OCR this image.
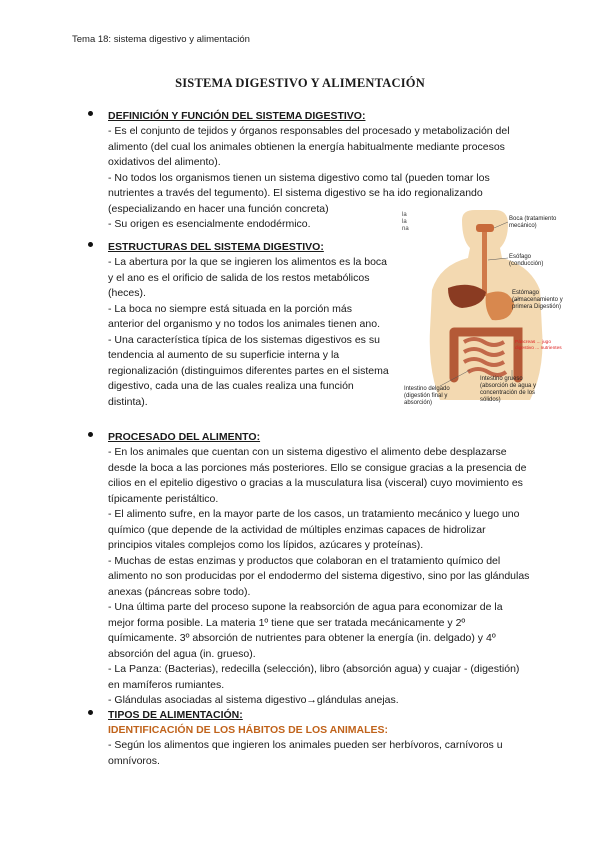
Tema 18: sistema digestivo y alimentación
SISTEMA DIGESTIVO Y ALIMENTACIÓN
DEFINICIÓN Y FUNCIÓN DEL SISTEMA DIGESTIVO:

- Es el conjunto de tejidos y órganos responsables del procesado y metabolización del alimento (del cual los animales obtienen la energía habitualmente mediante procesos oxidativos del alimento).

- No todos los organismos tienen un sistema digestivo como tal (pueden tomar los nutrientes a través del tegumento). El sistema digestivo se ha ido regionalizando (especializando en hacer una función concreta)

- Su origen es esencialmente endodérmico.

ESTRUCTURAS DEL SISTEMA DIGESTIVO:

- La abertura por la que se ingieren los alimentos es la boca y el ano es el orificio de salida de los restos metabólicos (heces).

- La boca no siempre está situada en la porción más anterior del organismo y no todos los animales tienen ano.

- Una característica típica de los sistemas digestivos es su tendencia al aumento de su superficie interna y la regionalización (distinguimos diferentes partes en el sistema digestivo, cada una de las cuales realiza una función distinta).

la la na
Boca (tratamiento mecánico)
Esófago (conducción)
Estómago (almacenamiento y primera Digestión)
Páncreas ... jugo digestivo ... nutrientes
Intestino delgado (digestión final y absorción)
Intestino grueso (absorción de agua y concentración de los sólidos)
PROCESADO DEL ALIMENTO:

- En los animales que cuentan con un sistema digestivo el alimento debe desplazarse desde la boca a las porciones más posteriores. Ello se consigue gracias a la presencia de cilios en el epitelio digestivo o gracias a la musculatura lisa (visceral) cuyo movimiento es típicamente peristáltico.

- El alimento sufre, en la mayor parte de los casos, un tratamiento mecánico y luego uno químico (que depende de la actividad de múltiples enzimas capaces de hidrolizar principios vitales complejos como los lípidos, azúcares y proteínas).

- Muchas de estas enzimas y productos que colaboran en el tratamiento químico del alimento no son producidas por el endodermo del sistema digestivo, sino por las glándulas anexas (páncreas sobre todo).

- Una última parte del proceso supone la reabsorción de agua para economizar de la mejor forma posible. La materia 1º tiene que ser tratada mecánicamente y 2º químicamente. 3º absorción de nutrientes para obtener la energía (in. delgado) y 4º absorción del agua (in. grueso).

- La Panza: (Bacterias), redecilla (selección), libro (absorción agua) y cuajar - (digestión) en mamíferos rumiantes.

- Glándulas asociadas al sistema digestivo→glándulas anejas.

TIPOS DE ALIMENTACIÓN:
IDENTIFICACIÓN DE LOS HÁBITOS DE LOS ANIMALES:

- Según los alimentos que ingieren los animales pueden ser herbívoros, carnívoros u omnívoros.
